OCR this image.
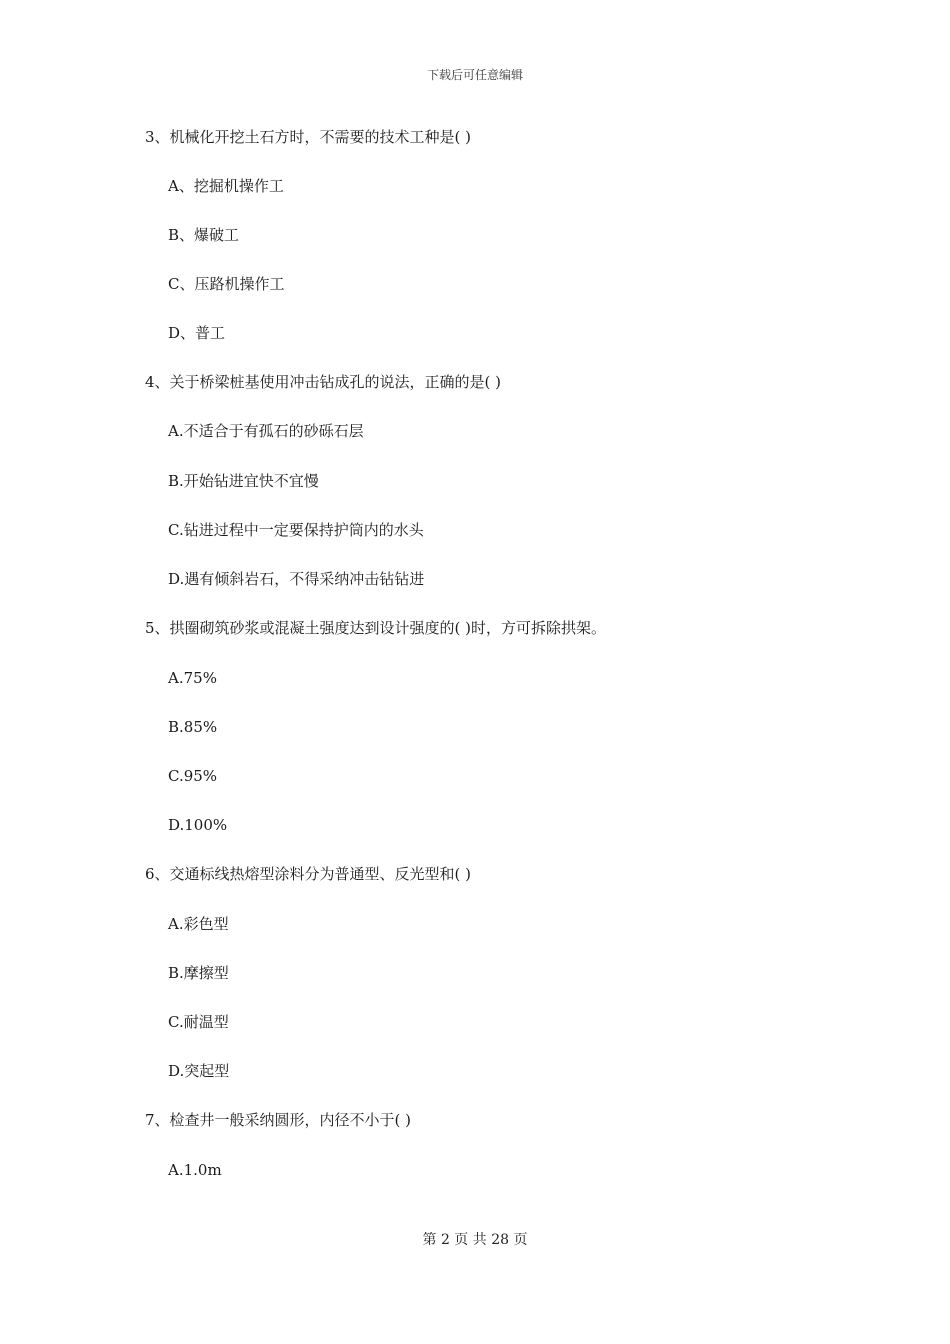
下载后可任意编辑
3、机械化开挖土石方时，不需要的技术工种是( )
A、挖掘机操作工
B、爆破工
C、压路机操作工
D、普工
4、关于桥梁桩基使用冲击钻成孔的说法，正确的是( )
A.不适合于有孤石的砂砾石层
B.开始钻进宜快不宜慢
C.钻进过程中一定要保持护筒内的水头
D.遇有倾斜岩石，不得采纳冲击钻钻进
5、拱圈砌筑砂浆或混凝土强度达到设计强度的( )时，方可拆除拱架。
A.75%
B.85%
C.95%
D.100%
6、交通标线热熔型涂料分为普通型、反光型和( )
A.彩色型
B.摩擦型
C.耐温型
D.突起型
7、检查井一般采纳圆形，内径不小于( )
A.1.0m
第 2 页 共 28 页
